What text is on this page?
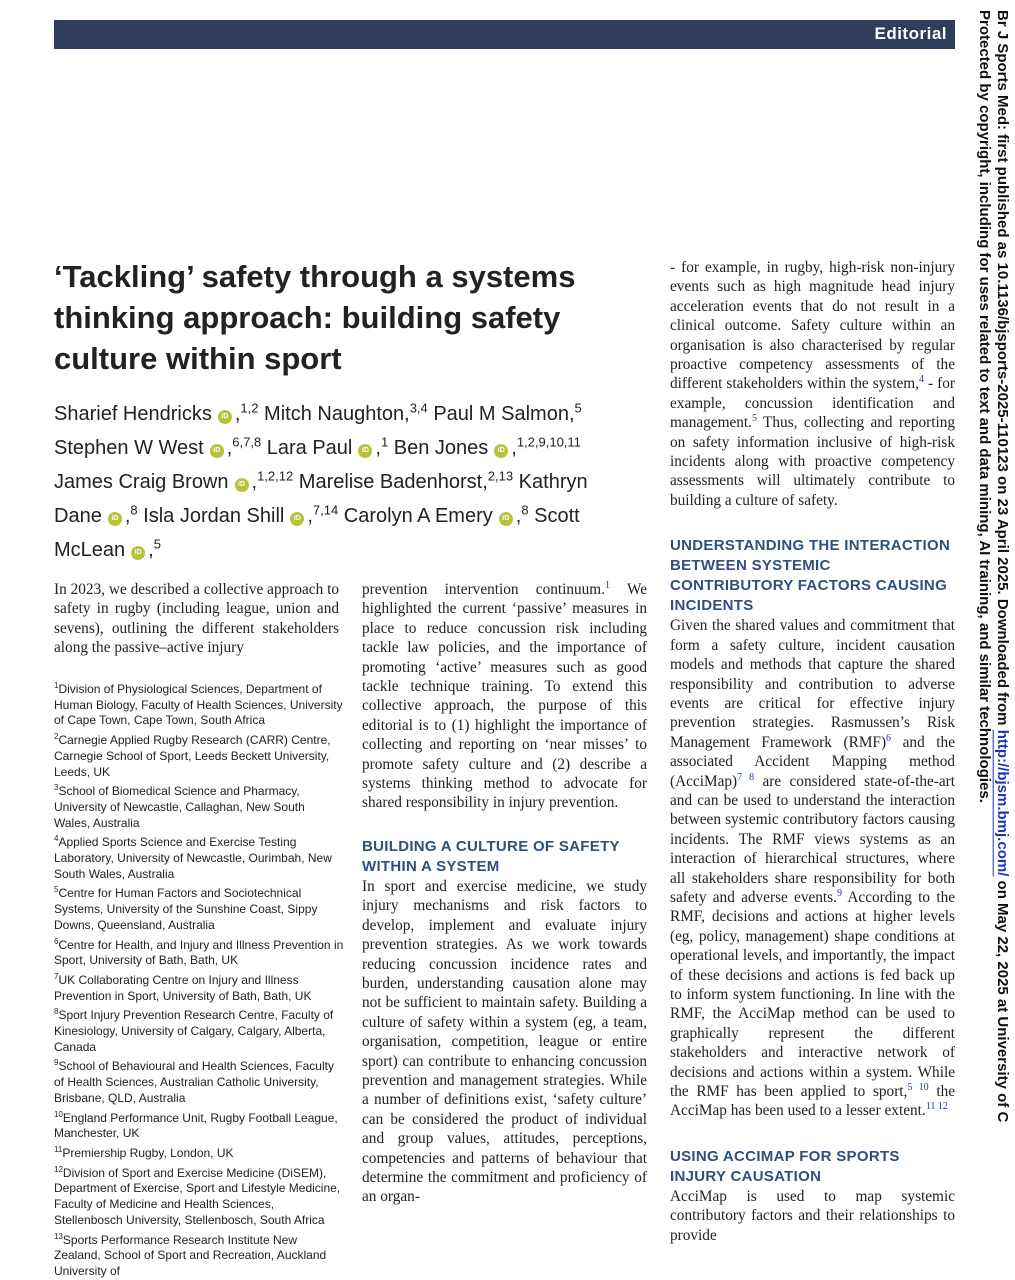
Editorial	Br J Sports Med: first published as 10.1136/bjsports-2025-110123 on 23 April 2025. Downloaded from http://bjsm.bmj.com/ on May 22, 2025 at University of C
Protected by copyright, including for uses related to text and data mining, AI training, and similar technologies.
‘Tackling’ safety through a systems thinking approach: building safety culture within sport
Sharief Hendricks iD ,$^{1,2}$ Mitch Naughton,$^{3,4}$ Paul M Salmon,$^5$ Stephen W West iD ,$^{6,7,8}$ Lara Paul iD ,$^1$ Ben Jones iD ,$^{1,2,9,10,11}$ James Craig Brown iD ,$^{1,2,12}$ Marelise Badenhorst,$^{2,13}$ Kathryn Dane iD ,$^8$ Isla Jordan Shill iD ,$^{7,14}$ Carolyn A Emery iD ,$^8$ Scott McLean iD ,$^5$

In 2023, we described a collective approach to safety in rugby (including league, union and sevens), outlining the different stakeholders along the passive–active injury

$^1$Division of Physiological Sciences, Department of Human Biology, Faculty of Health Sciences, University of Cape Town, Cape Town, South Africa

$^2$Carnegie Applied Rugby Research (CARR) Centre, Carnegie School of Sport, Leeds Beckett University, Leeds, UK

$^3$School of Biomedical Science and Pharmacy, University of Newcastle, Callaghan, New South Wales, Australia

$^4$Applied Sports Science and Exercise Testing Laboratory, University of Newcastle, Ourimbah, New South Wales, Australia

$^5$Centre for Human Factors and Sociotechnical Systems, University of the Sunshine Coast, Sippy Downs, Queensland, Australia

$^6$Centre for Health, and Injury and Illness Prevention in Sport, University of Bath, Bath, UK

$^7$UK Collaborating Centre on Injury and Illness Prevention in Sport, University of Bath, Bath, UK

$^8$Sport Injury Prevention Research Centre, Faculty of Kinesiology, University of Calgary, Calgary, Alberta, Canada

$^9$School of Behavioural and Health Sciences, Faculty of Health Sciences, Australian Catholic University, Brisbane, QLD, Australia

$^{10}$England Performance Unit, Rugby Football League, Manchester, UK

$^{11}$Premiership Rugby, London, UK

$^{12}$Division of Sport and Exercise Medicine (DiSEM), Department of Exercise, Sport and Lifestyle Medicine, Faculty of Medicine and Health Sciences, Stellenbosch University, Stellenbosch, South Africa

$^{13}$Sports Performance Research Institute New Zealand, School of Sport and Recreation, Auckland University of

prevention intervention continuum.$^1$ We highlighted the current ‘passive’ measures in place to reduce concussion risk including tackle law policies, and the importance of promoting ‘active’ measures such as good tackle technique training. To extend this collective approach, the purpose of this editorial is to (1) highlight the importance of collecting and reporting on ‘near misses’ to promote safety culture and (2) describe a systems thinking method to advocate for shared responsibility in injury prevention.

BUILDING A CULTURE OF SAFETY WITHIN A SYSTEM

In sport and exercise medicine, we study injury mechanisms and risk factors to develop, implement and evaluate injury prevention strategies. As we work towards reducing concussion incidence rates and burden, understanding causation alone may not be sufficient to maintain safety. Building a culture of safety within a system (eg, a team, organisation, competition, league or entire sport) can contribute to enhancing concussion prevention and management strategies. While a number of definitions exist, ‘safety culture’ can be considered the product of individual and group values, attitudes, perceptions, competencies and patterns of behaviour that determine the commitment and proficiency of an organ-

- for example, in rugby, high-risk non-injury events such as high magnitude head injury acceleration events that do not result in a clinical outcome. Safety culture within an organisation is also characterised by regular proactive competency assessments of the different stakeholders within the system,$^4$ - for example, concussion identification and management.$^5$ Thus, collecting and reporting on safety information inclusive of high-risk incidents along with proactive competency assessments will ultimately contribute to building a culture of safety.

UNDERSTANDING THE INTERACTION BETWEEN SYSTEMIC CONTRIBUTORY FACTORS CAUSING INCIDENTS

Given the shared values and commitment that form a safety culture, incident causation models and methods that capture the shared responsibility and contribution to adverse events are critical for effective injury prevention strategies. Rasmussen’s Risk Management Framework (RMF)$^6$ and the associated Accident Mapping method (AcciMap)$^{7 8}$ are considered state-of-the-art and can be used to understand the interaction between systemic contributory factors causing incidents. The RMF views systems as an interaction of hierarchical structures, where all stakeholders share responsibility for both safety and adverse events.$^9$ According to the RMF, decisions and actions at higher levels (eg, policy, management) shape conditions at operational levels, and importantly, the impact of these decisions and actions is fed back up to inform system functioning. In line with the RMF, the AcciMap method can be used to graphically represent the different stakeholders and interactive network of decisions and actions within a system. While the RMF has been applied to sport,$^{5 10}$ the AcciMap has been used to a lesser extent.$^{11 12}$

USING ACCIMAP FOR SPORTS INJURY CAUSATION

AcciMap is used to map systemic contributory factors and their relationships to provide
